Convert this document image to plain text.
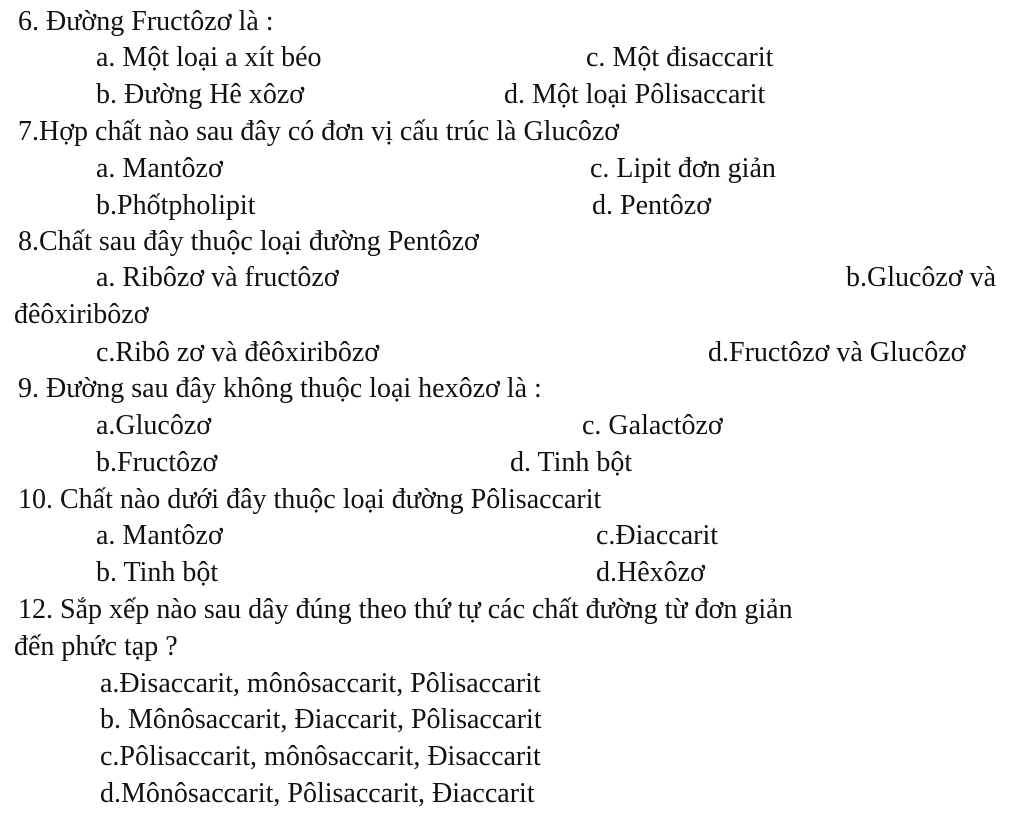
6. Đường Fructôzơ là :
a. Một loại a xít béo	c. Một đisaccarit
b. Đường Hê xôzơ	d. Một loại Pôlisaccarit
7.Hợp chất nào sau đây có đơn vị cấu trúc là Glucôzơ
a. Mantôzơ	c. Lipit đơn giản
b.Phốtpholipit	d. Pentôzơ
8.Chất sau đây thuộc loại đường Pentôzơ
a. Ribôzơ và fructôzơ	b.Glucôzơ và
đêôxiribôzơ
c.Ribô zơ và đêôxiribôzơ	d.Fructôzơ và Glucôzơ
9. Đường sau đây không thuộc loại hexôzơ là :
a.Glucôzơ	c. Galactôzơ
b.Fructôzơ	d. Tinh bột
10. Chất nào dưới đây thuộc loại đường Pôlisaccarit
a. Mantôzơ	c.Điaccarit
b. Tinh bột	d.Hêxôzơ
12. Sắp xếp nào sau dây đúng theo thứ tự các chất đường từ đơn giản
đến phức tạp ?
a.Đisaccarit, mônôsaccarit, Pôlisaccarit
b. Mônôsaccarit, Điaccarit, Pôlisaccarit
c.Pôlisaccarit, mônôsaccarit, Đisaccarit
d.Mônôsaccarit, Pôlisaccarit, Điaccarit
